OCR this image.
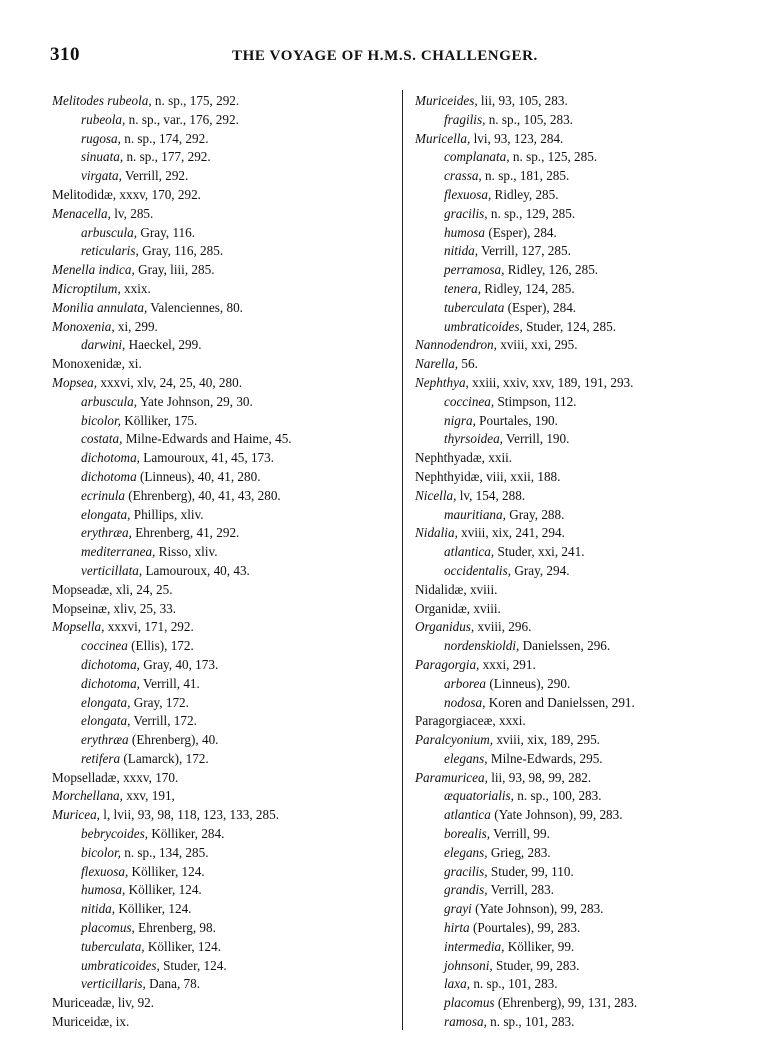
310	THE VOYAGE OF H.M.S. CHALLENGER.
Melitodes rubeola, n. sp., 175, 292.
rubeola, n. sp., var., 176, 292.
rugosa, n. sp., 174, 292.
sinuata, n. sp., 177, 292.
virgata, Verrill, 292.
Melitodidæ, xxxv, 170, 292.
Menacella, lv, 285.
arbuscula, Gray, 116.
reticularis, Gray, 116, 285.
Menella indica, Gray, liii, 285.
Microptilum, xxix.
Monilia annulata, Valenciennes, 80.
Monoxenia, xi, 299.
darwini, Haeckel, 299.
Monoxenidæ, xi.
Mopsea, xxxvi, xlv, 24, 25, 40, 280.
arbuscula, Yate Johnson, 29, 30.
bicolor, Kölliker, 175.
costata, Milne-Edwards and Haime, 45.
dichotoma, Lamouroux, 41, 45, 173.
dichotoma (Linneus), 40, 41, 280.
ecrinula (Ehrenberg), 40, 41, 43, 280.
elongata, Phillips, xliv.
erythræa, Ehrenberg, 41, 292.
mediterranea, Risso, xliv.
verticillata, Lamouroux, 40, 43.
Mopseadæ, xli, 24, 25.
Mopseinæ, xliv, 25, 33.
Mopsella, xxxvi, 171, 292.
coccinea (Ellis), 172.
dichotoma, Gray, 40, 173.
dichotoma, Verrill, 41.
elongata, Gray, 172.
elongata, Verrill, 172.
erythræa (Ehrenberg), 40.
retifera (Lamarck), 172.
Mopselladæ, xxxv, 170.
Morchellana, xxv, 191,
Muricea, l, lvii, 93, 98, 118, 123, 133, 285.
bebrycoides, Kölliker, 284.
bicolor, n. sp., 134, 285.
flexuosa, Kölliker, 124.
humosa, Kölliker, 124.
nitida, Kölliker, 124.
placomus, Ehrenberg, 98.
tuberculata, Kölliker, 124.
umbraticoides, Studer, 124.
verticillaris, Dana, 78.
Muriceadæ, liv, 92.
Muriceidæ, ix.
Muriceides, lii, 93, 105, 283.
fragilis, n. sp., 105, 283.
Muricella, lvi, 93, 123, 284.
complanata, n. sp., 125, 285.
crassa, n. sp., 181, 285.
flexuosa, Ridley, 285.
gracilis, n. sp., 129, 285.
humosa (Esper), 284.
nitida, Verrill, 127, 285.
perramosa, Ridley, 126, 285.
tenera, Ridley, 124, 285.
tuberculata (Esper), 284.
umbraticoides, Studer, 124, 285.
Nannodendron, xviii, xxi, 295.
Narella, 56.
Nephthya, xxiii, xxiv, xxv, 189, 191, 293.
coccinea, Stimpson, 112.
nigra, Pourtales, 190.
thyrsoidea, Verrill, 190.
Nephthyadæ, xxii.
Nephthyidæ, viii, xxii, 188.
Nicella, lv, 154, 288.
mauritiana, Gray, 288.
Nidalia, xviii, xix, 241, 294.
atlantica, Studer, xxi, 241.
occidentalis, Gray, 294.
Nidalidæ, xviii.
Organidæ, xviii.
Organidus, xviii, 296.
nordenskioldi, Danielssen, 296.
Paragorgia, xxxi, 291.
arborea (Linneus), 290.
nodosa, Koren and Danielssen, 291.
Paragorgiaceæ, xxxi.
Paralcyonium, xviii, xix, 189, 295.
elegans, Milne-Edwards, 295.
Paramuricea, lii, 93, 98, 99, 282.
æquatorialis, n. sp., 100, 283.
atlantica (Yate Johnson), 99, 283.
borealis, Verrill, 99.
elegans, Grieg, 283.
gracilis, Studer, 99, 110.
grandis, Verrill, 283.
grayi (Yate Johnson), 99, 283.
hirta (Pourtales), 99, 283.
intermedia, Kölliker, 99.
johnsoni, Studer, 99, 283.
laxa, n. sp., 101, 283.
placomus (Ehrenberg), 99, 131, 283.
ramosa, n. sp., 101, 283.
